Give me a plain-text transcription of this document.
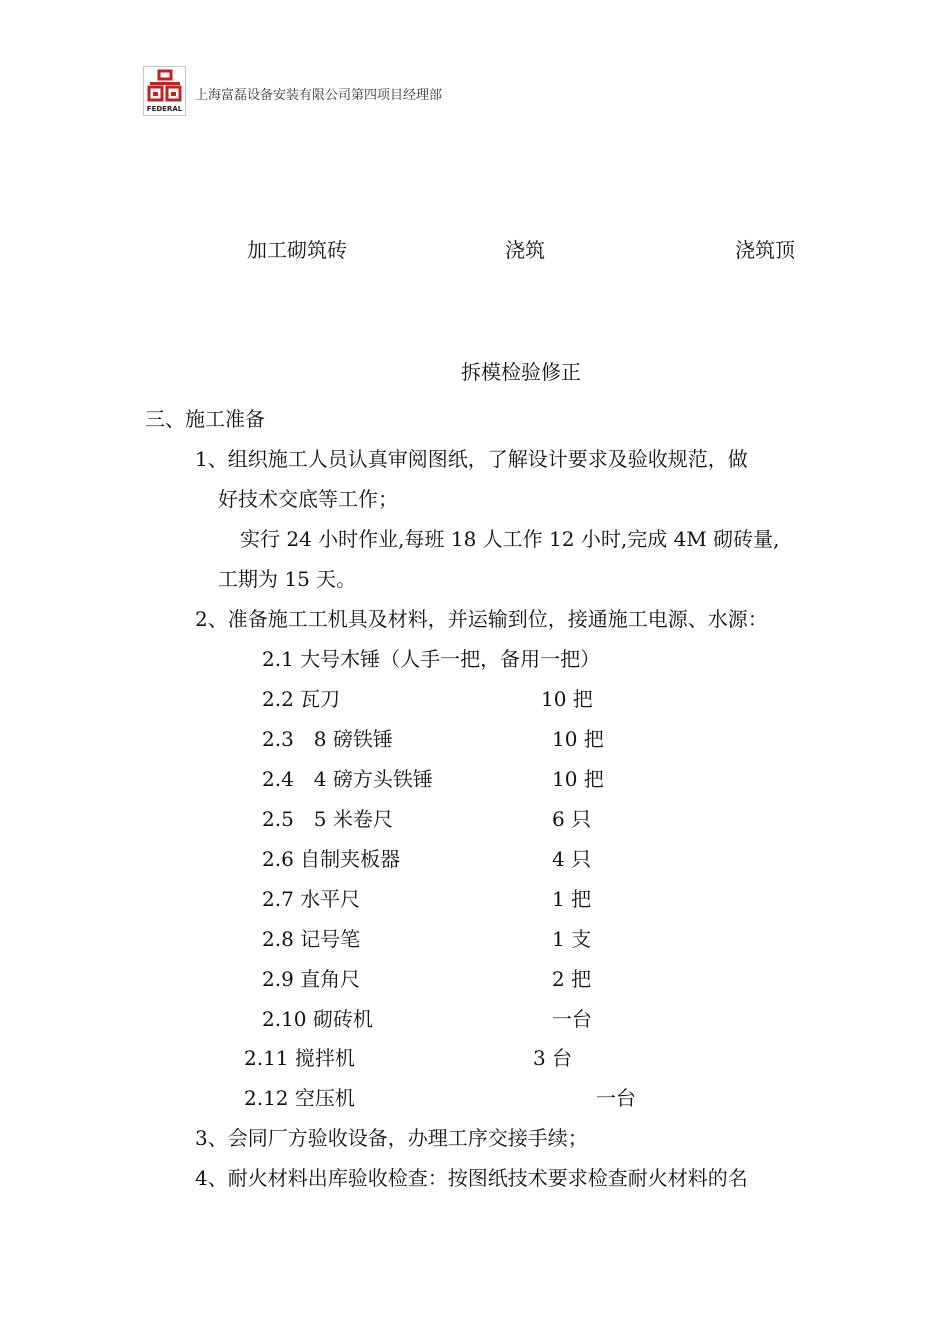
FEDERAL
上海富磊设备安装有限公司第四项目经理部
加工砌筑砖	浇筑	浇筑顶
拆模检验修正
三、施工准备
1、组织施工人员认真审阅图纸，了解设计要求及验收规范，做
好技术交底等工作；
实行 24 小时作业,每班 18 人工作 12 小时,完成 4M 砌砖量,
工期为 15 天。
2、准备施工工机具及材料，并运输到位，接通施工电源、水源：
2.1 大号木锤（人手一把，备用一把）
2.2 瓦刀	10 把
2.3　8 磅铁锤	10 把
2.4　4 磅方头铁锤	10 把
2.5　5 米卷尺	6 只
2.6 自制夹板器	4 只
2.7 水平尺	1 把
2.8 记号笔	1 支
2.9 直角尺	2 把
2.10 砌砖机	一台
2.11 搅拌机	3 台
2.12 空压机	一台
3、会同厂方验收设备，办理工序交接手续；
4、耐火材料出库验收检查：按图纸技术要求检查耐火材料的名
